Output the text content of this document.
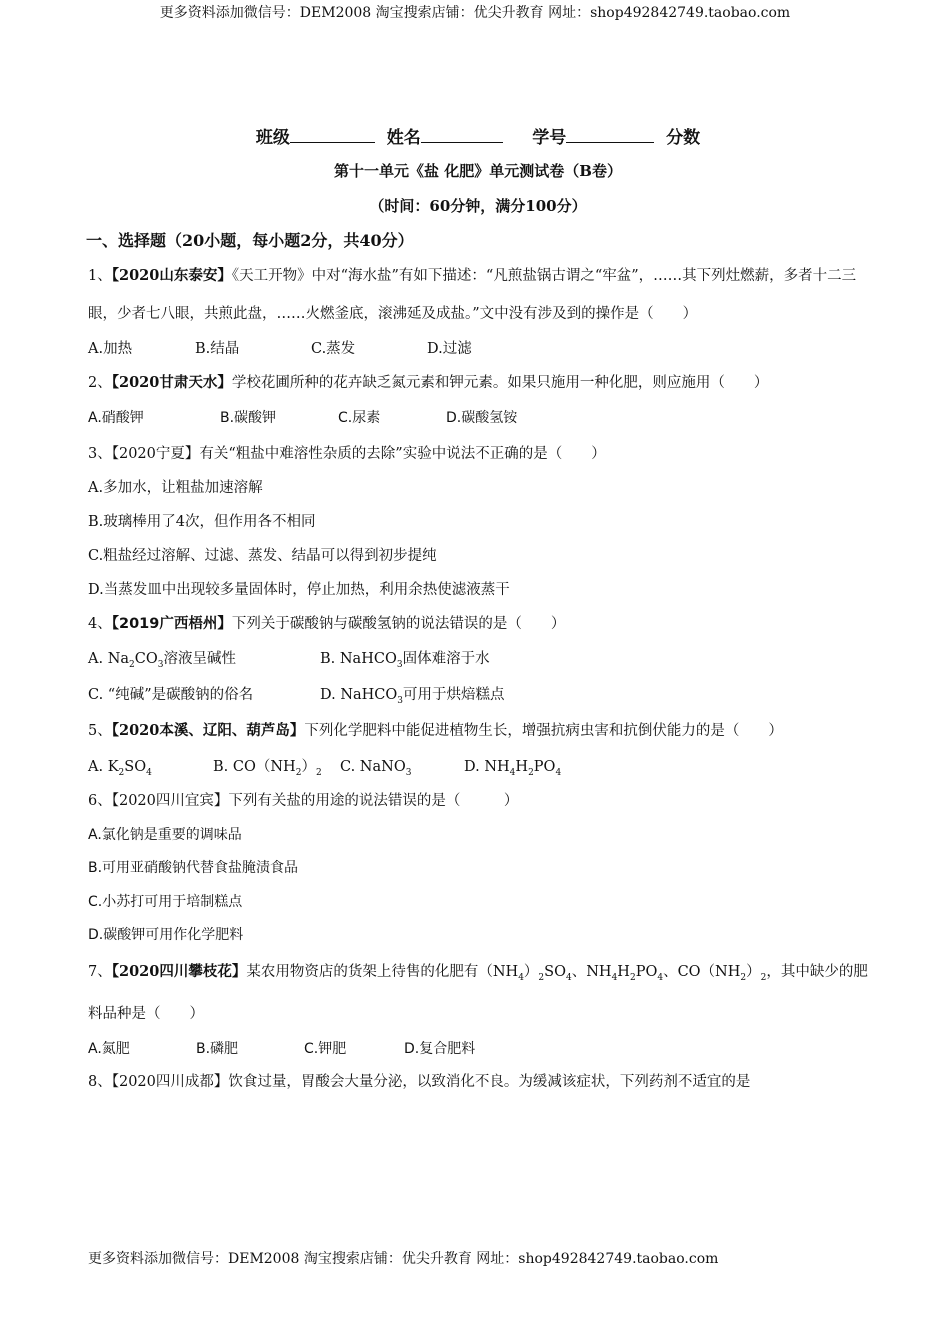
更多资料添加微信号：DEM2008 淘宝搜索店铺：优尖升教育 网址：shop492842749.taobao.com
班级	姓名	学号	分数
第十一单元《盐 化肥》单元测试卷（B卷）
（时间：60分钟，满分100分）
一、选择题（20小题，每小题2分，共40分）
1、【2020山东泰安】《天工开物》中对“海水盐”有如下描述：“凡煎盐锅古谓之“牢盆”，……其下列灶燃薪，多者十二三眼，少者七八眼，共煎此盘，……火燃釜底，滚沸延及成盐。”文中没有涉及到的操作是（　　）
A.加热	B.结晶	C.蒸发	D.过滤
2、【2020甘肃天水】学校花圃所种的花卉缺乏氮元素和钾元素。如果只施用一种化肥，则应施用（　　）
A.硝酸钾	B.碳酸钾	C.尿素	D.碳酸氢铵
3、【2020宁夏】有关“粗盐中难溶性杂质的去除”实验中说法不正确的是（　　）
A.多加水，让粗盐加速溶解
B.玻璃棒用了4次，但作用各不相同
C.粗盐经过溶解、过滤、蒸发、结晶可以得到初步提纯
D.当蒸发皿中出现较多量固体时，停止加热，利用余热使滤液蒸干
4、【2019广西梧州】下列关于碳酸钠与碳酸氢钠的说法错误的是（　　）
A. $Na_2CO_3$溶液呈碱性	B. NaHCO$_3$固体难溶于水
C. “纯碱”是碳酸钠的俗名	D. NaHCO$_3$可用于烘焙糕点
5、【2020本溪、辽阳、葫芦岛】下列化学肥料中能促进植物生长，增强抗病虫害和抗倒伏能力的是（　　）
A. $K_2SO_4$	B. $CO(NH_2)_2$ C. NaNO$_3$	D. $NH_4H_2PO_4$
6、【2020四川宜宾】下列有关盐的用途的说法错误的是（　　　）
A.氯化钠是重要的调味品
B.可用亚硝酸钠代替食盐腌渍食品
C.小苏打可用于培制糕点
D.碳酸钾可用作化学肥料
7、【2020四川攀枝花】某农用物资店的货架上待售的化肥有$(NH_4)_2SO_4$、$NH_4H_2PO_4$、$CO(NH_2)_2$，其中缺少的肥料品种是（　　）
A.氮肥	B.磷肥	C.钾肥	D.复合肥料
8、【2020四川成都】饮食过量，胃酸会大量分泌，以致消化不良。为缓减该症状，下列药剂不适宜的是
更多资料添加微信号：DEM2008 淘宝搜索店铺：优尖升教育 网址：shop492842749.taobao.com
